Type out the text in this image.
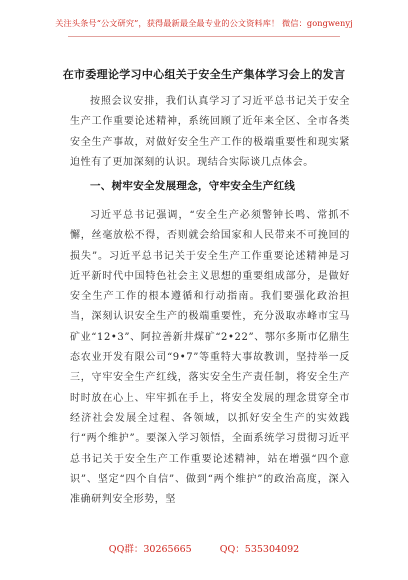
关注头条号“公文研究”，获得最新最全最专业的公文资料库！ 微信：gongwenyj
在市委理论学习中心组关于安全生产集体学习会上的发言

按照会议安排，我们认真学习了习近平总书记关于安全生产工作重要论述精神，系统回顾了近年来全区、全市各类安全生产事故，对做好安全生产工作的极端重要性和现实紧迫性有了更加深刻的认识。现结合实际谈几点体会。

一、树牢安全发展理念，守牢安全生产红线

习近平总书记强调，“安全生产必须警钟长鸣、常抓不懈，丝毫放松不得，否则就会给国家和人民带来不可挽回的损失”。习近平总书记关于安全生产工作重要论述精神是习近平新时代中国特色社会主义思想的重要组成部分，是做好安全生产工作的根本遵循和行动指南。我们要强化政治担当，深刻认识安全生产的极端重要性，充分汲取赤峰市宝马矿业“12•3”、阿拉善新井煤矿“2•22”、鄂尔多斯市亿鼎生态农业开发有限公司“9•7”等重特大事故教训，坚持举一反三，守牢安全生产红线，落实安全生产责任制，将安全生产时时放在心上、牢牢抓在手上，将安全发展的理念贯穿全市经济社会发展全过程、各领域，以抓好安全生产的实效践行“两个维护”。要深入学习领悟，全面系统学习贯彻习近平总书记关于安全生产工作重要论述精神，站在增强“四个意识”、坚定“四个自信”、做到“两个维护”的政治高度，深入准确研判安全形势，坚

QQ群：30265665	QQ：535304092
